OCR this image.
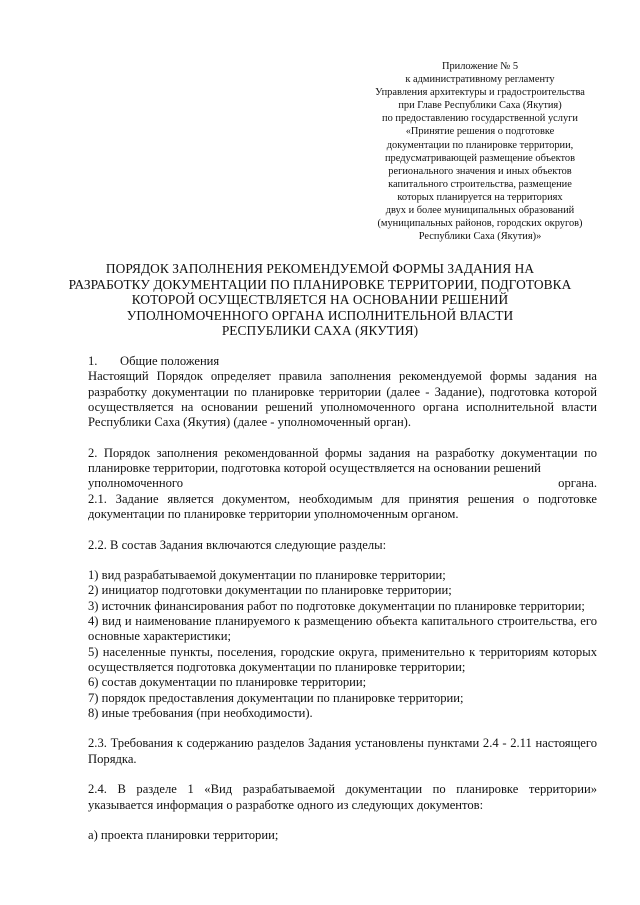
Приложение № 5
к административному регламенту
Управления архитектуры и градостроительства
при Главе Республики Саха (Якутия)
по предоставлению государственной услуги
«Принятие решения о подготовке
документации по планировке территории,
предусматривающей размещение объектов
регионального значения и иных объектов
капитального строительства, размещение
которых планируется на территориях
двух и более муниципальных образований
(муниципальных районов, городских округов)
Республики Саха (Якутия)»
ПОРЯДОК ЗАПОЛНЕНИЯ РЕКОМЕНДУЕМОЙ ФОРМЫ ЗАДАНИЯ НА
РАЗРАБОТКУ ДОКУМЕНТАЦИИ ПО ПЛАНИРОВКЕ ТЕРРИТОРИИ, ПОДГОТОВКА
КОТОРОЙ ОСУЩЕСТВЛЯЕТСЯ НА ОСНОВАНИИ РЕШЕНИЙ
УПОЛНОМОЧЕННОГО ОРГАНА ИСПОЛНИТЕЛЬНОЙ ВЛАСТИ
РЕСПУБЛИКИ САХА (ЯКУТИЯ)
1.	Общие положения

Настоящий Порядок определяет правила заполнения рекомендуемой формы задания на разработку документации по планировке территории (далее - Задание), подготовка которой осуществляется на основании решений уполномоченного органа исполнительной власти Республики Саха (Якутия) (далее - уполномоченный орган).

2. Порядок заполнения рекомендованной формы задания на разработку документации по планировке территории, подготовка которой осуществляется на основании решений

уполномоченного	органа.

2.1. Задание является документом, необходимым для принятия решения о подготовке документации по планировке территории уполномоченным органом.

2.2. В состав Задания включаются следующие разделы:

1) вид разрабатываемой документации по планировке территории;

2) инициатор подготовки документации по планировке территории;

3) источник финансирования работ по подготовке документации по планировке территории;

4) вид и наименование планируемого к размещению объекта капитального строительства, его основные характеристики;

5) населенные пункты, поселения, городские округа, применительно к территориям которых осуществляется подготовка документации по планировке территории;

6) состав документации по планировке территории;

7) порядок предоставления документации по планировке территории;

8) иные требования (при необходимости).

2.3. Требования к содержанию разделов Задания установлены пунктами 2.4 - 2.11 настоящего Порядка.

2.4. В разделе 1 «Вид разрабатываемой документации по планировке территории» указывается информация о разработке одного из следующих документов:

а) проекта планировки территории;
